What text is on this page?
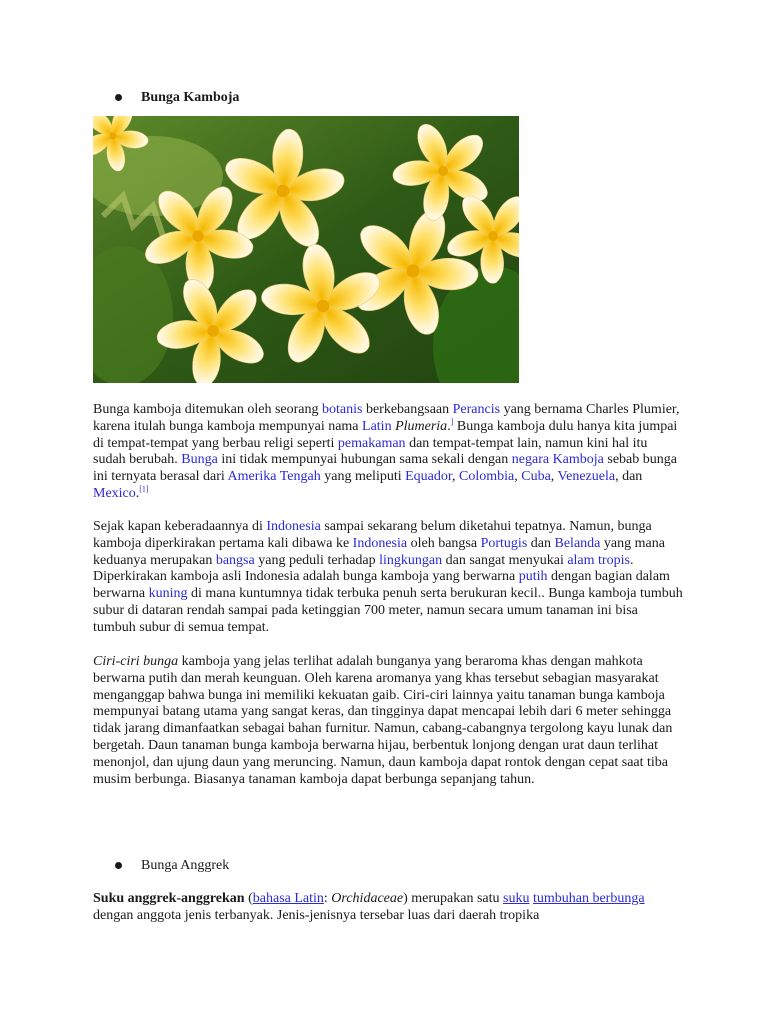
Bunga Kamboja

Bunga kamboja ditemukan oleh seorang botanis berkebangsaan Perancis yang bernama Charles Plumier, karena itulah bunga kamboja mempunyai nama Latin Plumeria.] Bunga kamboja dulu hanya kita jumpai di tempat-tempat yang berbau religi seperti pemakaman dan tempat-tempat lain, namun kini hal itu sudah berubah. Bunga ini tidak mempunyai hubungan sama sekali dengan negara Kamboja sebab bunga ini ternyata berasal dari Amerika Tengah yang meliputi Equador, Colombia, Cuba, Venezuela, dan Mexico.[1]

Sejak kapan keberadaannya di Indonesia sampai sekarang belum diketahui tepatnya. Namun, bunga kamboja diperkirakan pertama kali dibawa ke Indonesia oleh bangsa Portugis dan Belanda yang mana keduanya merupakan bangsa yang peduli terhadap lingkungan dan sangat menyukai alam tropis. Diperkirakan kamboja asli Indonesia adalah bunga kamboja yang berwarna putih dengan bagian dalam berwarna kuning di mana kuntumnya tidak terbuka penuh serta berukuran kecil.. Bunga kamboja tumbuh subur di dataran rendah sampai pada ketinggian 700 meter, namun secara umum tanaman ini bisa tumbuh subur di semua tempat.

Ciri-ciri bunga kamboja yang jelas terlihat adalah bunganya yang beraroma khas dengan mahkota berwarna putih dan merah keunguan. Oleh karena aromanya yang khas tersebut sebagian masyarakat menganggap bahwa bunga ini memiliki kekuatan gaib. Ciri-ciri lainnya yaitu tanaman bunga kamboja mempunyai batang utama yang sangat keras, dan tingginya dapat mencapai lebih dari 6 meter sehingga tidak jarang dimanfaatkan sebagai bahan furnitur. Namun, cabang-cabangnya tergolong kayu lunak dan bergetah. Daun tanaman bunga kamboja berwarna hijau, berbentuk lonjong dengan urat daun terlihat menonjol, dan ujung daun yang meruncing. Namun, daun kamboja dapat rontok dengan cepat saat tiba musim berbunga. Biasanya tanaman kamboja dapat berbunga sepanjang tahun.

Bunga Anggrek

Suku anggrek-anggrekan (bahasa Latin: Orchidaceae) merupakan satu suku tumbuhan berbunga dengan anggota jenis terbanyak. Jenis-jenisnya tersebar luas dari daerah tropika
